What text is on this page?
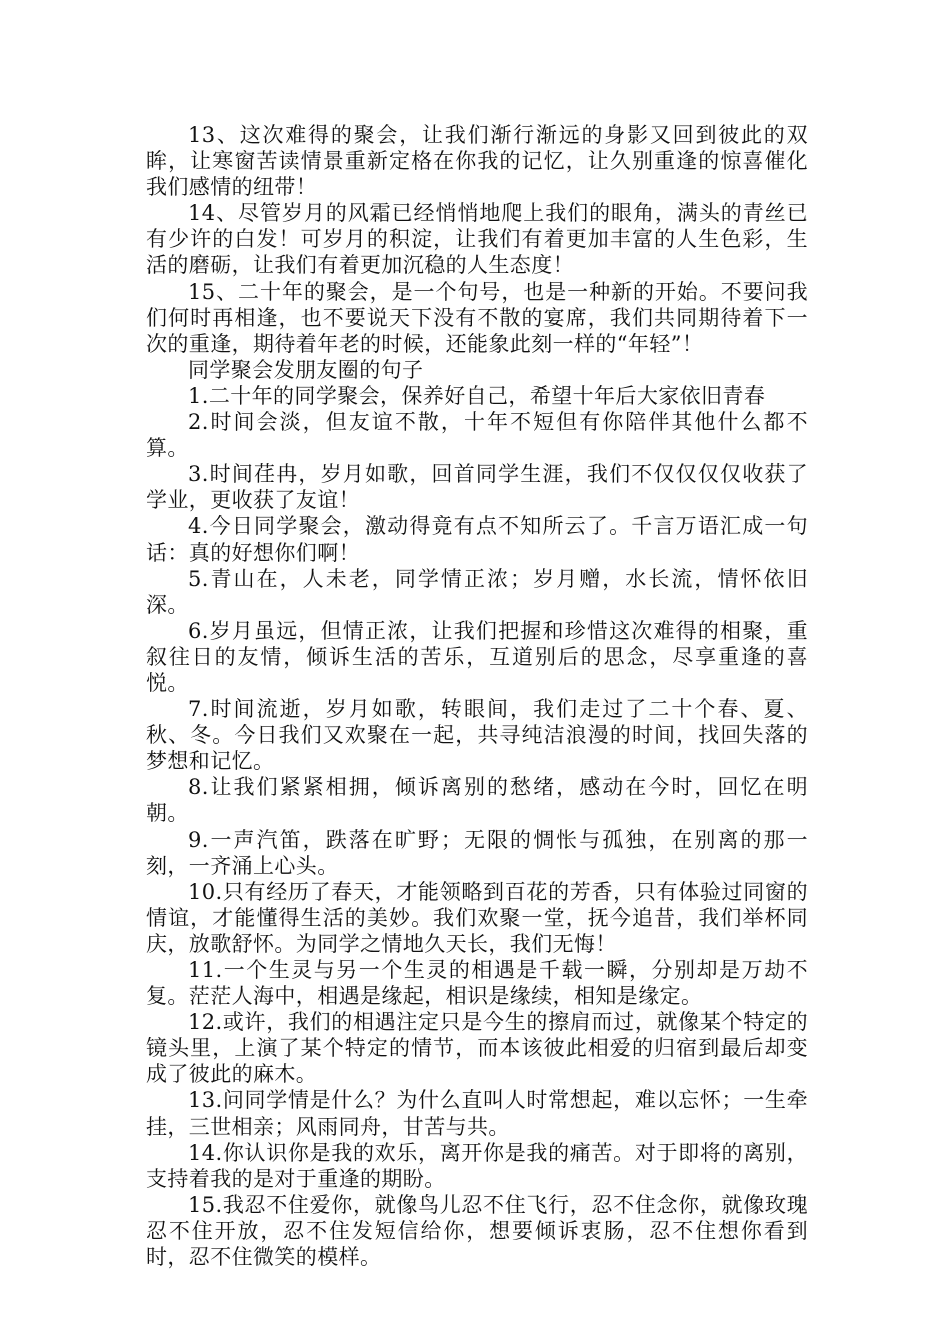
13、这次难得的聚会，让我们渐行渐远的身影又回到彼此的双眸，让寒窗苦读情景重新定格在你我的记忆，让久别重逢的惊喜催化我们感情的纽带！

14、尽管岁月的风霜已经悄悄地爬上我们的眼角，满头的青丝已有少许的白发！可岁月的积淀，让我们有着更加丰富的人生色彩，生活的磨砺，让我们有着更加沉稳的人生态度！

15、二十年的聚会，是一个句号，也是一种新的开始。不要问我们何时再相逢，也不要说天下没有不散的宴席，我们共同期待着下一次的重逢，期待着年老的时候，还能象此刻一样的“年轻”！

同学聚会发朋友圈的句子

1.二十年的同学聚会，保养好自己，希望十年后大家依旧青春

2.时间会淡，但友谊不散，十年不短但有你陪伴其他什么都不算。

3.时间荏冉，岁月如歌，回首同学生涯，我们不仅仅仅仅收获了学业，更收获了友谊！

4.今日同学聚会，激动得竟有点不知所云了。千言万语汇成一句话：真的好想你们啊！

5.青山在，人未老，同学情正浓；岁月赠，水长流，情怀依旧深。

6.岁月虽远，但情正浓，让我们把握和珍惜这次难得的相聚，重叙往日的友情，倾诉生活的苦乐，互道别后的思念，尽享重逢的喜悦。

7.时间流逝，岁月如歌，转眼间，我们走过了二十个春、夏、秋、冬。今日我们又欢聚在一起，共寻纯洁浪漫的时间，找回失落的梦想和记忆。

8.让我们紧紧相拥，倾诉离别的愁绪，感动在今时，回忆在明朝。

9.一声汽笛，跌落在旷野；无限的惆怅与孤独，在别离的那一刻，一齐涌上心头。

10.只有经历了春天，才能领略到百花的芳香，只有体验过同窗的情谊，才能懂得生活的美妙。我们欢聚一堂，抚今追昔，我们举杯同庆，放歌舒怀。为同学之情地久天长，我们无悔！

11.一个生灵与另一个生灵的相遇是千载一瞬，分别却是万劫不复。茫茫人海中，相遇是缘起，相识是缘续，相知是缘定。

12.或许，我们的相遇注定只是今生的擦肩而过，就像某个特定的镜头里，上演了某个特定的情节，而本该彼此相爱的归宿到最后却变成了彼此的麻木。

13.问同学情是什么？为什么直叫人时常想起，难以忘怀；一生牵挂，三世相亲；风雨同舟，甘苦与共。

14.你认识你是我的欢乐，离开你是我的痛苦。对于即将的离别，支持着我的是对于重逢的期盼。

15.我忍不住爱你，就像鸟儿忍不住飞行，忍不住念你，就像玫瑰忍不住开放，忍不住发短信给你，想要倾诉衷肠，忍不住想你看到时，忍不住微笑的模样。
